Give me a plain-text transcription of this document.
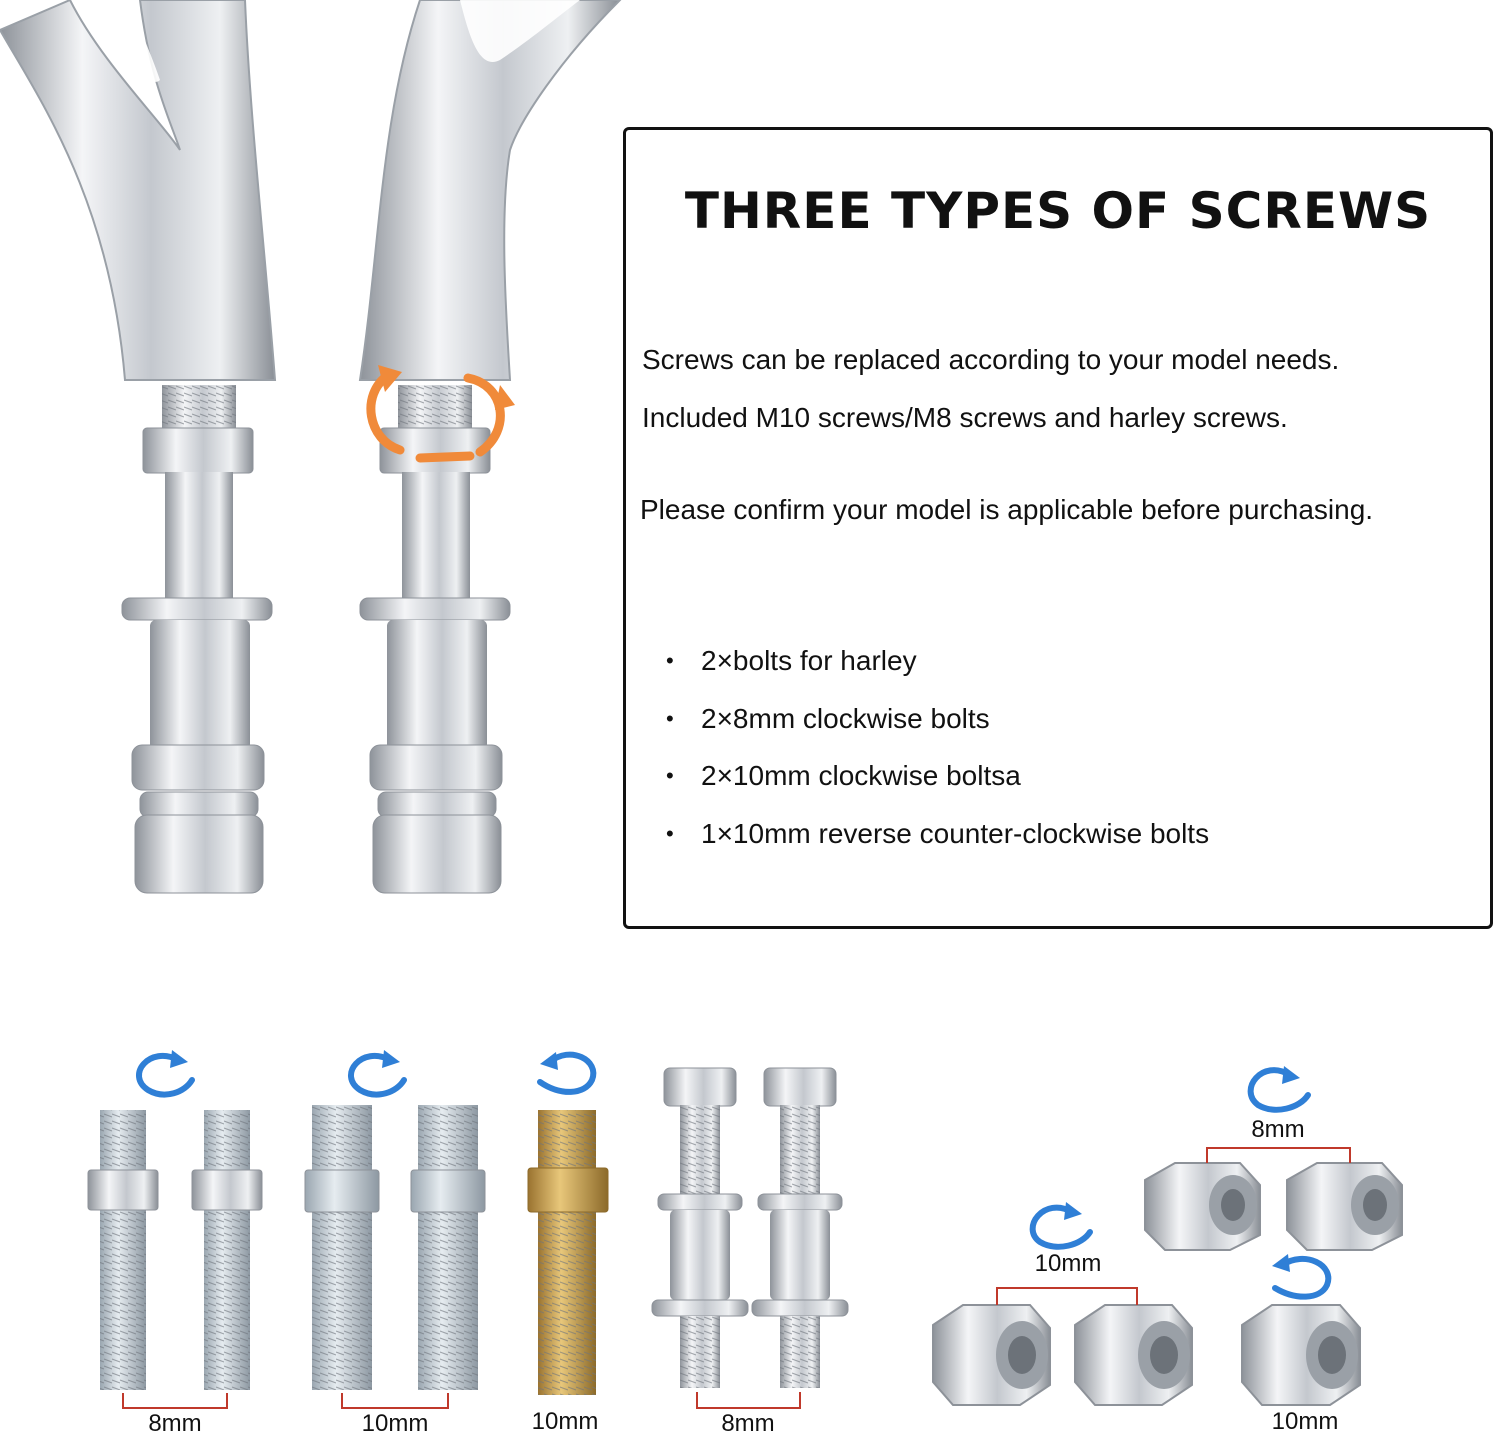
THREE TYPES OF SCREWS
Screws can be replaced according to your model needs.
Included M10 screws/M8 screws and harley screws.
Please confirm your model is applicable before purchasing.
• 2×bolts for harley
• 2×8mm clockwise bolts
• 2×10mm clockwise boltsa
• 1×10mm reverse counter-clockwise bolts
8mm	10mm	10mm	8mm
8mm
10mm
10mm
